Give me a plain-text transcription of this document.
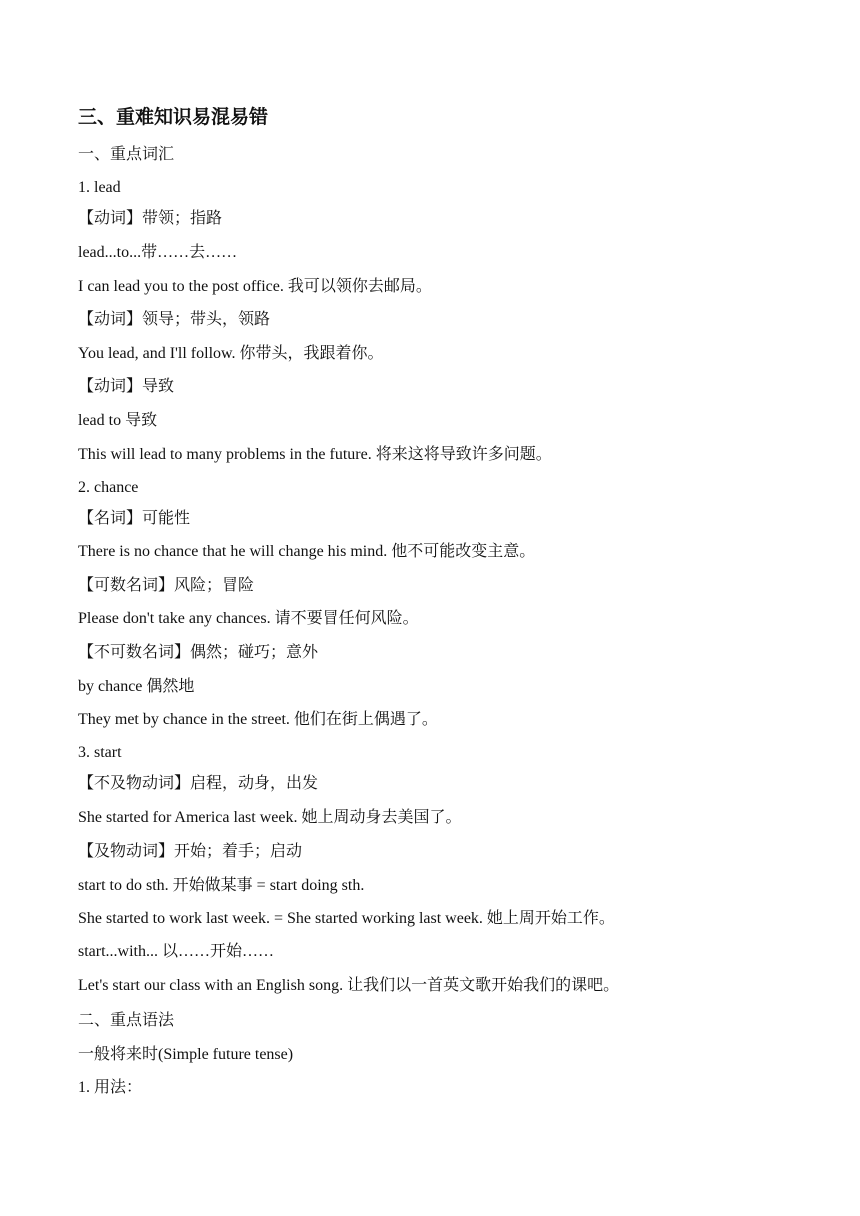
三、重难知识易混易错
一、重点词汇
1. lead
【动词】带领；指路
lead...to...带……去……
I can lead you to the post office. 我可以领你去邮局。
【动词】领导；带头，领路
You lead, and I'll follow. 你带头，我跟着你。
【动词】导致
lead to 导致
This will lead to many problems in the future. 将来这将导致许多问题。
2. chance
【名词】可能性
There is no chance that he will change his mind. 他不可能改变主意。
【可数名词】风险；冒险
Please don't take any chances. 请不要冒任何风险。
【不可数名词】偶然；碰巧；意外
by chance 偶然地
They met by chance in the street. 他们在街上偶遇了。
3. start
【不及物动词】启程，动身，出发
She started for America last week. 她上周动身去美国了。
【及物动词】开始；着手；启动
start to do sth. 开始做某事 = start doing sth.
She started to work last week. = She started working last week. 她上周开始工作。
start...with... 以……开始……
Let's start our class with an English song. 让我们以一首英文歌开始我们的课吧。
二、重点语法
一般将来时(Simple future tense)
1. 用法：
